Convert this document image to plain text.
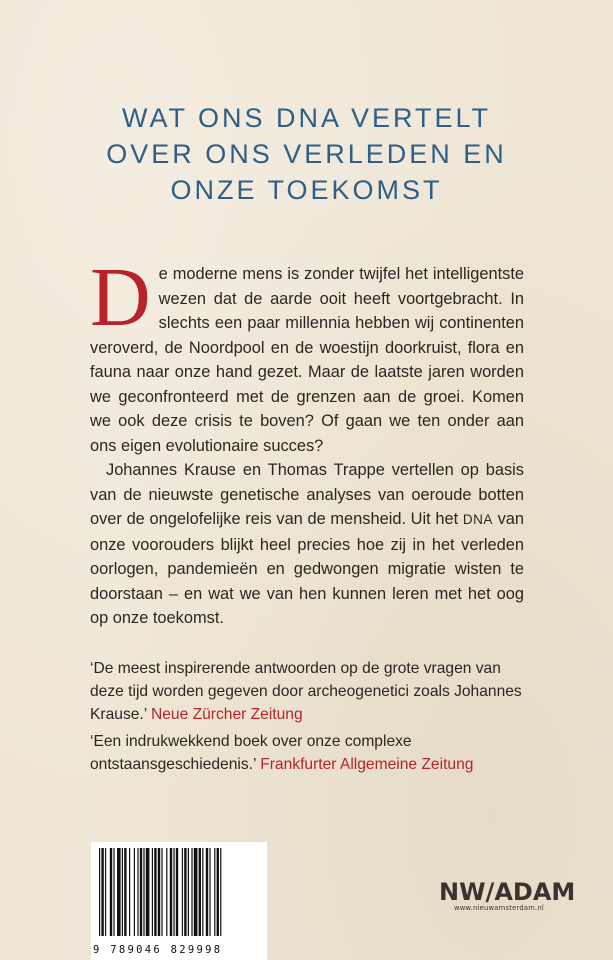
WAT ONS DNA VERTELT
OVER ONS VERLEDEN EN
ONZE TOEKOMST

De moderne mens is zonder twijfel het intelligentste wezen dat de aarde ooit heeft voortgebracht. In slechts een paar millennia hebben wij continenten veroverd, de Noordpool en de woestijn doorkruist, flora en fauna naar onze hand gezet. Maar de laatste jaren worden we geconfronteerd met de grenzen aan de groei. Komen we ook deze crisis te boven? Of gaan we ten onder aan ons eigen evolutionaire succes?

Johannes Krause en Thomas Trappe vertellen op basis van de nieuwste genetische analyses van oeroude botten over de ongelofelijke reis van de mensheid. Uit het DNA van onze voorouders blijkt heel precies hoe zij in het verleden oorlogen, pandemieën en gedwongen migratie wisten te doorstaan – en wat we van hen kunnen leren met het oog op onze toekomst.

‘De meest inspirerende antwoorden op de grote vragen van deze tijd worden gegeven door archeogenetici zoals Johannes Krause.’ Neue Zürcher Zeitung
‘Een indrukwekkend boek over onze complexe ontstaansgeschiedenis.’ Frankfurter Allgemeine Zeitung
9 789046 829998
NW/ADAM
www.nieuwamsterdam.nl
